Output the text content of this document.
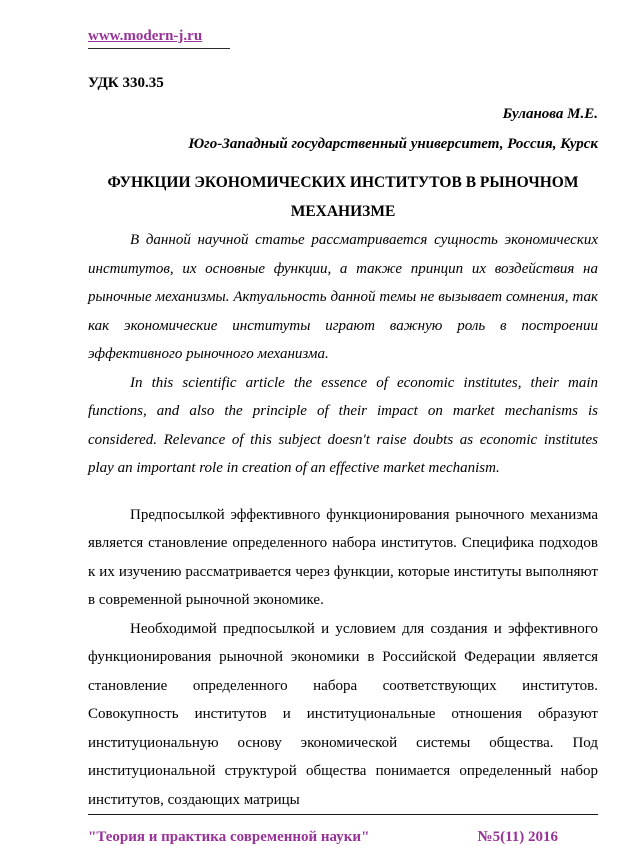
www.modern-j.ru
УДК 330.35
Буланова М.Е.
Юго-Западный государственный университет, Россия, Курск
ФУНКЦИИ ЭКОНОМИЧЕСКИХ ИНСТИТУТОВ В РЫНОЧНОМ МЕХАНИЗМЕ

В данной научной статье рассматривается сущность экономических институтов, их основные функции, а также принцип их воздействия на рыночные механизмы. Актуальность данной темы не вызывает сомнения, так как экономические институты играют важную роль в построении эффективного рыночного механизма.

In this scientific article the essence of economic institutes, their main functions, and also the principle of their impact on market mechanisms is considered. Relevance of this subject doesn't raise doubts as economic institutes play an important role in creation of an effective market mechanism.

Предпосылкой эффективного функционирования рыночного механизма является становление определенного набора институтов. Специфика подходов к их изучению рассматривается через функции, которые институты выполняют в современной рыночной экономике.

Необходимой предпосылкой и условием для создания и эффективного функционирования рыночной экономики в Российской Федерации является становление определенного набора соответствующих институтов. Совокупность институтов и институциональные отношения образуют институциональную основу экономической системы общества. Под институциональной структурой общества понимается определенный набор институтов, создающих матрицы

"Теория и практика современной науки"	№5(11) 2016
